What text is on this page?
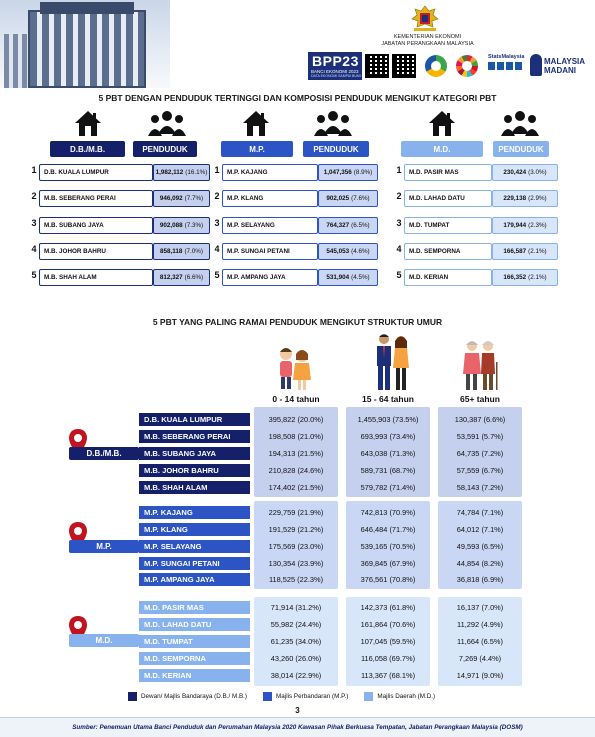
KEMENTERIAN EKONOMI
JABATAN PERANGKAAN MALAYSIA
BPP23
BANCI EKONOMI 2023
DATA EKONOMI SAMPAI BUMI
StatsMalaysia MALAYSIA
MADANI
5 PBT DENGAN PENDUDUK TERTINGGI DAN KOMPOSISI PENDUDUK MENGIKUT KATEGORI PBT
D.B./M.B.	PENDUDUK
1	D.B. KUALA LUMPUR	1,982,112 (16.1%)
2	M.B. SEBERANG PERAI	946,092 (7.7%)
3	M.B. SUBANG JAYA	902,088 (7.3%)
4	M.B. JOHOR BAHRU	858,118 (7.0%)
5	M.B. SHAH ALAM	812,327 (6.6%)
M.P.	PENDUDUK
1	M.P. KAJANG	1,047,356 (8.9%)
2	M.P. KLANG	902,025 (7.6%)
3	M.P. SELAYANG	764,327 (6.5%)
4	M.P. SUNGAI PETANI	545,053 (4.6%)
5	M.P. AMPANG JAYA	531,904 (4.5%)
M.D.	PENDUDUK
1	M.D. PASIR MAS	230,424 (3.0%)
2	M.D. LAHAD DATU	229,138 (2.9%)
3	M.D. TUMPAT	179,944 (2.3%)
4	M.D. SEMPORNA	166,587 (2.1%)
5	M.D. KERIAN	166,352 (2.1%)
5 PBT YANG PALING RAMAI PENDUDUK MENGIKUT STRUKTUR UMUR
0 - 14 tahun	15 - 64 tahun	65+ tahun
D.B./M.B.
M.P.
M.D.
D.B. KUALA LUMPUR	395,822 (20.0%)	1,455,903 (73.5%)	130,387 (6.6%)
M.B. SEBERANG PERAI	198,508 (21.0%)	693,993 (73.4%)	53,591 (5.7%)
M.B. SUBANG JAYA	194,313 (21.5%)	643,038 (71.3%)	64,735 (7.2%)
M.B. JOHOR BAHRU	210,828 (24.6%)	589,731 (68.7%)	57,559 (6.7%)
M.B. SHAH ALAM	174,402 (21.5%)	579,782 (71.4%)	58,143 (7.2%)
M.P. KAJANG	229,759 (21.9%)	742,813 (70.9%)	74,784 (7.1%)
M.P. KLANG	191,529 (21.2%)	646,484 (71.7%)	64,012 (7.1%)
M.P. SELAYANG	175,569 (23.0%)	539,165 (70.5%)	49,593 (6.5%)
M.P. SUNGAI PETANI	130,354 (23.9%)	369,845 (67.9%)	44,854 (8.2%)
M.P. AMPANG JAYA	118,525 (22.3%)	376,561 (70.8%)	36,818 (6.9%)
M.D. PASIR MAS	71,914 (31.2%)	142,373 (61.8%)	16,137 (7.0%)
M.D. LAHAD DATU	55,982 (24.4%)	161,864 (70.6%)	11,292 (4.9%)
M.D. TUMPAT	61,235 (34.0%)	107,045 (59.5%)	11,664 (6.5%)
M.D. SEMPORNA	43,260 (26.0%)	116,058 (69.7%)	7,269 (4.4%)
M.D. KERIAN	38,014 (22.9%)	113,367 (68.1%)	14,971 (9.0%)
Dewan/ Majlis Bandaraya (D.B./ M.B.)	Majlis Perbandaran (M.P.)	Majlis Daerah (M.D.)
3
Sumber: Penemuan Utama Banci Penduduk dan Perumahan Malaysia 2020 Kawasan Pihak Berkuasa Tempatan, Jabatan Perangkaan Malaysia (DOSM)
